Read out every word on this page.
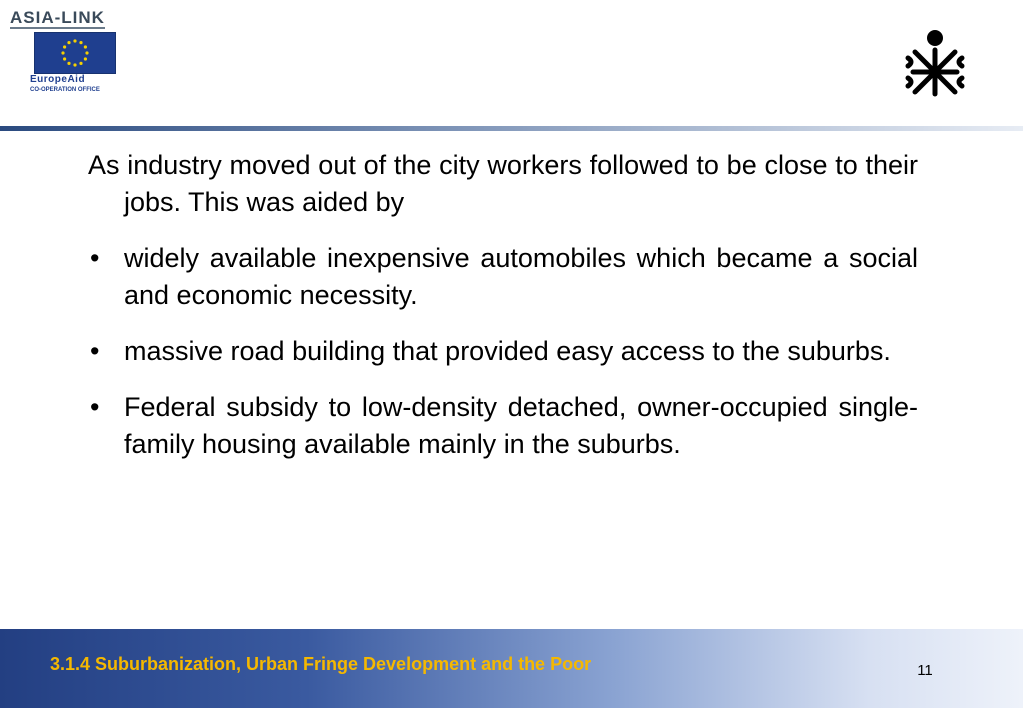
ASIA-LINK
EuropeAid
CO-OPERATION OFFICE

As industry moved out of the city workers followed to be close to their jobs. This was aided by

• widely available inexpensive automobiles which became a social and economic necessity.
• massive road building that provided easy access to the suburbs.
• Federal subsidy to low-density detached, owner-occupied single-family housing available mainly in the suburbs.
3.1.4 Suburbanization, Urban Fringe Development and the Poor	11
